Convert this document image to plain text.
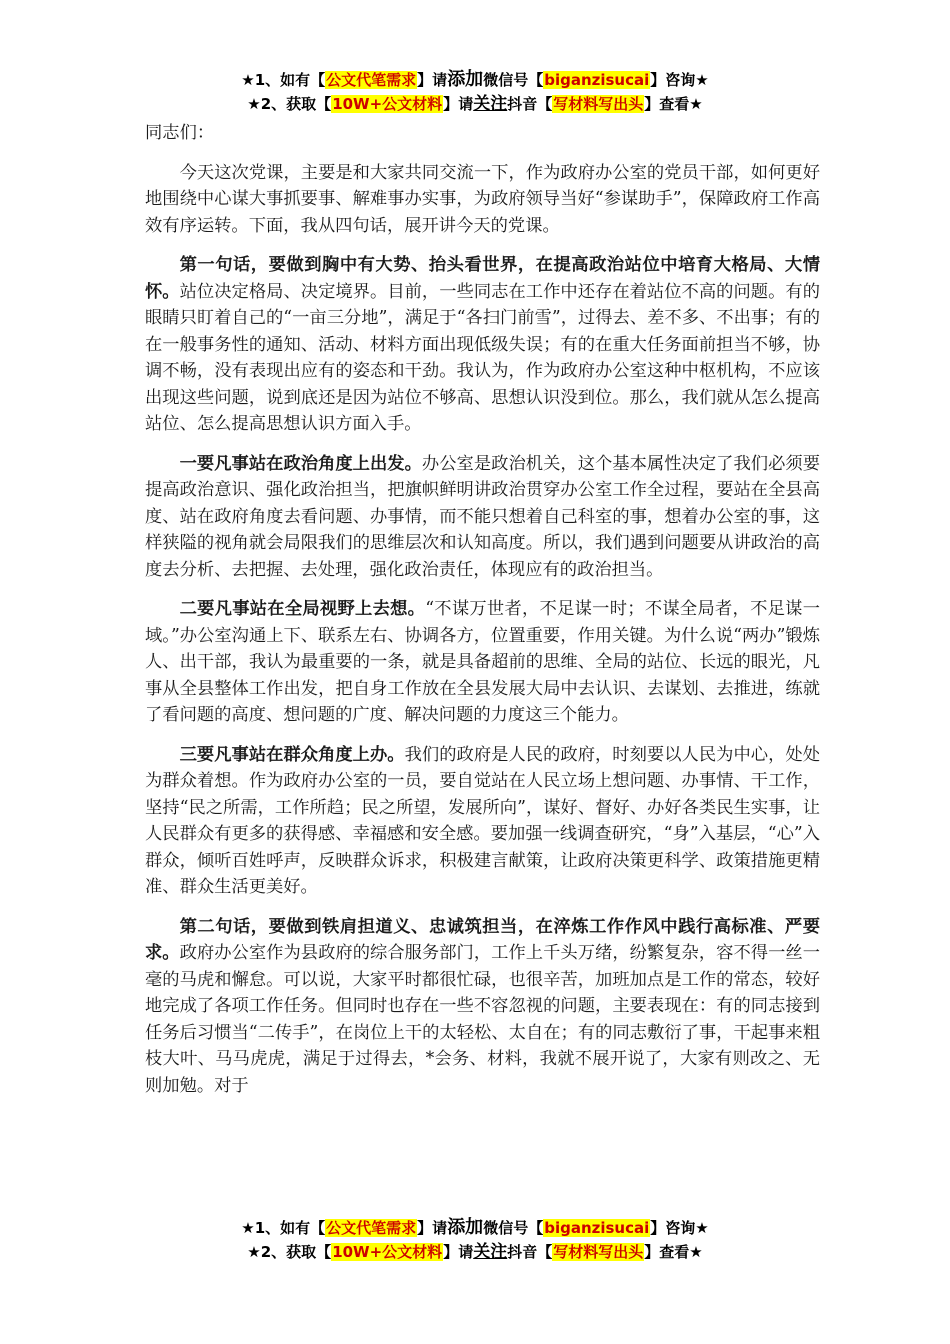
★1、如有【公文代笔需求】请添加微信号【biganzisucai】咨询★
★2、获取【10W+公文材料】请关注抖音【写材料写出头】查看★
同志们：

今天这次党课，主要是和大家共同交流一下，作为政府办公室的党员干部，如何更好地围绕中心谋大事抓要事、解难事办实事，为政府领导当好“参谋助手”，保障政府工作高效有序运转。下面，我从四句话，展开讲今天的党课。

第一句话，要做到胸中有大势、抬头看世界，在提高政治站位中培育大格局、大情怀。站位决定格局、决定境界。目前，一些同志在工作中还存在着站位不高的问题。有的眼睛只盯着自己的“一亩三分地”，满足于“各扫门前雪”，过得去、差不多、不出事；有的在一般事务性的通知、活动、材料方面出现低级失误；有的在重大任务面前担当不够，协调不畅，没有表现出应有的姿态和干劲。我认为，作为政府办公室这种中枢机构，不应该出现这些问题，说到底还是因为站位不够高、思想认识没到位。那么，我们就从怎么提高站位、怎么提高思想认识方面入手。

一要凡事站在政治角度上出发。办公室是政治机关，这个基本属性决定了我们必须要提高政治意识、强化政治担当，把旗帜鲜明讲政治贯穿办公室工作全过程，要站在全县高度、站在政府角度去看问题、办事情，而不能只想着自己科室的事，想着办公室的事，这样狭隘的视角就会局限我们的思维层次和认知高度。所以，我们遇到问题要从讲政治的高度去分析、去把握、去处理，强化政治责任，体现应有的政治担当。

二要凡事站在全局视野上去想。“不谋万世者，不足谋一时；不谋全局者，不足谋一域。”办公室沟通上下、联系左右、协调各方，位置重要，作用关键。为什么说“两办”锻炼人、出干部，我认为最重要的一条，就是具备超前的思维、全局的站位、长远的眼光，凡事从全县整体工作出发，把自身工作放在全县发展大局中去认识、去谋划、去推进，练就了看问题的高度、想问题的广度、解决问题的力度这三个能力。

三要凡事站在群众角度上办。我们的政府是人民的政府，时刻要以人民为中心，处处为群众着想。作为政府办公室的一员，要自觉站在人民立场上想问题、办事情、干工作，坚持“民之所需，工作所趋；民之所望，发展所向”，谋好、督好、办好各类民生实事，让人民群众有更多的获得感、幸福感和安全感。要加强一线调查研究，“身”入基层，“心”入群众，倾听百姓呼声，反映群众诉求，积极建言献策，让政府决策更科学、政策措施更精准、群众生活更美好。

第二句话，要做到铁肩担道义、忠诚筑担当，在淬炼工作作风中践行高标准、严要求。政府办公室作为县政府的综合服务部门，工作上千头万绪，纷繁复杂，容不得一丝一毫的马虎和懈怠。可以说，大家平时都很忙碌，也很辛苦，加班加点是工作的常态，较好地完成了各项工作任务。但同时也存在一些不容忽视的问题，主要表现在：有的同志接到任务后习惯当“二传手”，在岗位上干的太轻松、太自在；有的同志敷衍了事，干起事来粗枝大叶、马马虎虎，满足于过得去，*会务、材料，我就不展开说了，大家有则改之、无则加勉。对于

★1、如有【公文代笔需求】请添加微信号【biganzisucai】咨询★
★2、获取【10W+公文材料】请关注抖音【写材料写出头】查看★
